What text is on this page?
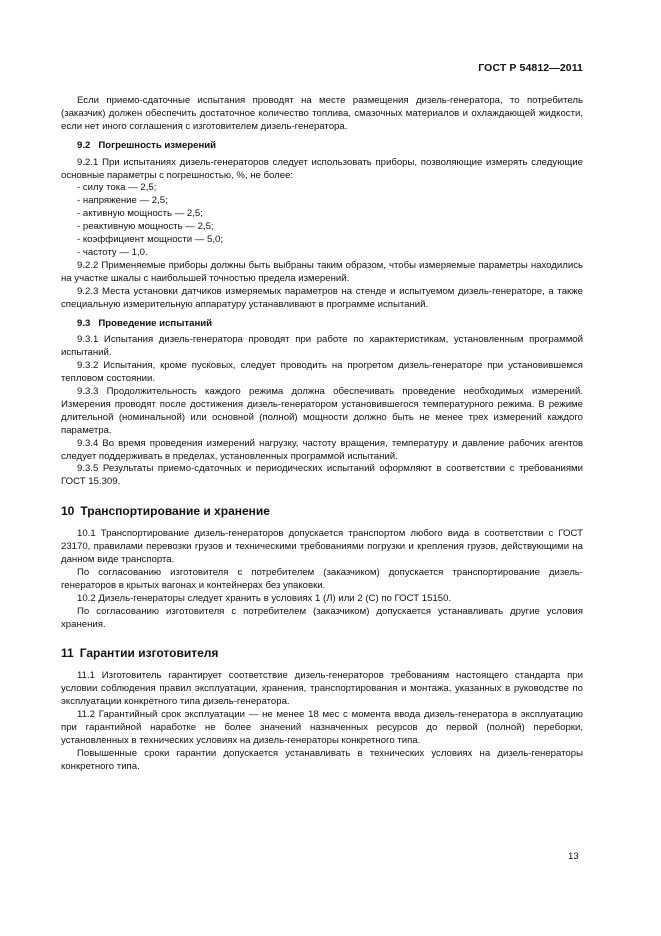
ГОСТ Р 54812—2011

Если приемо-сдаточные испытания проводят на месте размещения дизель-генератора, то потребитель (заказчик) должен обеспечить достаточное количество топлива, смазочных материалов и охлаждающей жидкости, если нет иного соглашения с изготовителем дизель-генератора.

9.2 Погрешность измерений

9.2.1 При испытаниях дизель-генераторов следует использовать приборы, позволяющие измерять следующие основные параметры с погрешностью, %, не более:

- силу тока — 2,5;
- напряжение — 2,5;
- активную мощность — 2,5;
- реактивную мощность — 2,5;
- коэффициент мощности — 5,0;
- частоту — 1,0.

9.2.2 Применяемые приборы должны быть выбраны таким образом, чтобы измеряемые параметры находились на участке шкалы с наибольшей точностью предела измерений.

9.2.3 Места установки датчиков измеряемых параметров на стенде и испытуемом дизель-генераторе, а также специальную измерительную аппаратуру устанавливают в программе испытаний.

9.3 Проведение испытаний

9.3.1 Испытания дизель-генератора проводят при работе по характеристикам, установленным программой испытаний.

9.3.2 Испытания, кроме пусковых, следует проводить на прогретом дизель-генераторе при установившемся тепловом состоянии.

9.3.3 Продолжительность каждого режима должна обеспечивать проведение необходимых измерений. Измерения проводят после достижения дизель-генератором установившегося температурного режима. В режиме длительной (номинальной) или основной (полной) мощности должно быть не менее трех измерений каждого параметра.

9.3.4 Во время проведения измерений нагрузку, частоту вращения, температуру и давление рабочих агентов следует поддерживать в пределах, установленных программой испытаний.

9.3.5 Результаты приемо-сдаточных и периодических испытаний оформляют в соответствии с требованиями ГОСТ 15.309.

10 Транспортирование и хранение

10.1 Транспортирование дизель-генераторов допускается транспортом любого вида в соответствии с ГОСТ 23170, правилами перевозки грузов и техническими требованиями погрузки и крепления грузов, действующими на данном виде транспорта.

По согласованию изготовителя с потребителем (заказчиком) допускается транспортирование дизель-генераторов в крытых вагонах и контейнерах без упаковки.

10.2 Дизель-генераторы следует хранить в условиях 1 (Л) или 2 (С) по ГОСТ 15150.

По согласованию изготовителя с потребителем (заказчиком) допускается устанавливать другие условия хранения.

11 Гарантии изготовителя

11.1 Изготовитель гарантирует соответствие дизель-генераторов требованиям настоящего стандарта при условии соблюдения правил эксплуатации, хранения, транспортирования и монтажа, указанных в руководстве по эксплуатации конкретного типа дизель-генератора.

11.2 Гарантийный срок эксплуатации — не менее 18 мес с момента ввода дизель-генератора в эксплуатацию при гарантийной наработке не более значений назначенных ресурсов до первой (полной) переборки, установленных в технических условиях на дизель-генераторы конкретного типа.

Повышенные сроки гарантии допускается устанавливать в технических условиях на дизель-генераторы конкретного типа.

13
